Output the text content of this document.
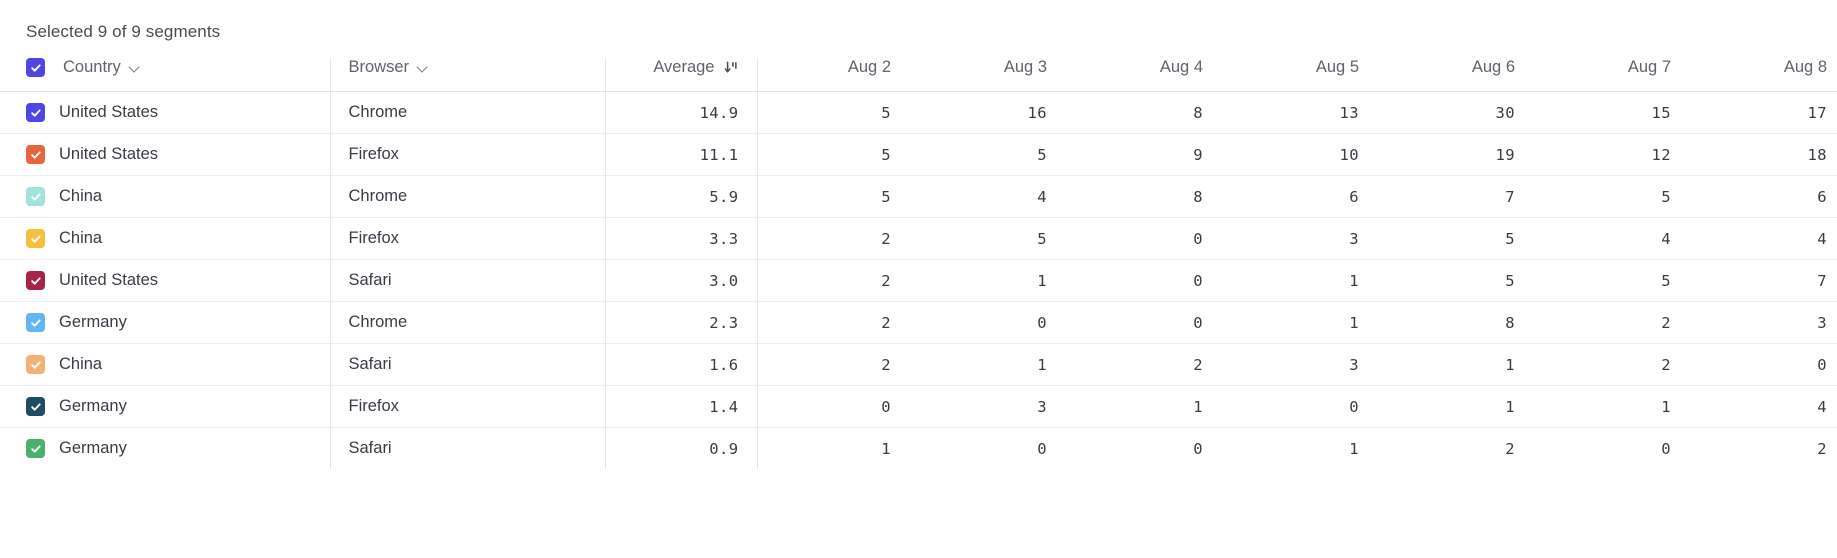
Selected 9 of 9 segments
Country	Browser	Average	Aug 2	Aug 3	Aug 4	Aug 5	Aug 6	Aug 7	Aug 8

United States	Chrome	14.9	5	16	8	13	30	15	17

United States	Firefox	11.1	5	5	9	10	19	12	18

China	Chrome	5.9	5	4	8	6	7	5	6

China	Firefox	3.3	2	5	0	3	5	4	4

United States	Safari	3.0	2	1	0	1	5	5	7

Germany	Chrome	2.3	2	0	0	1	8	2	3

China	Safari	1.6	2	1	2	3	1	2	0

Germany	Firefox	1.4	0	3	1	0	1	1	4

Germany	Safari	0.9	1	0	0	1	2	0	2
